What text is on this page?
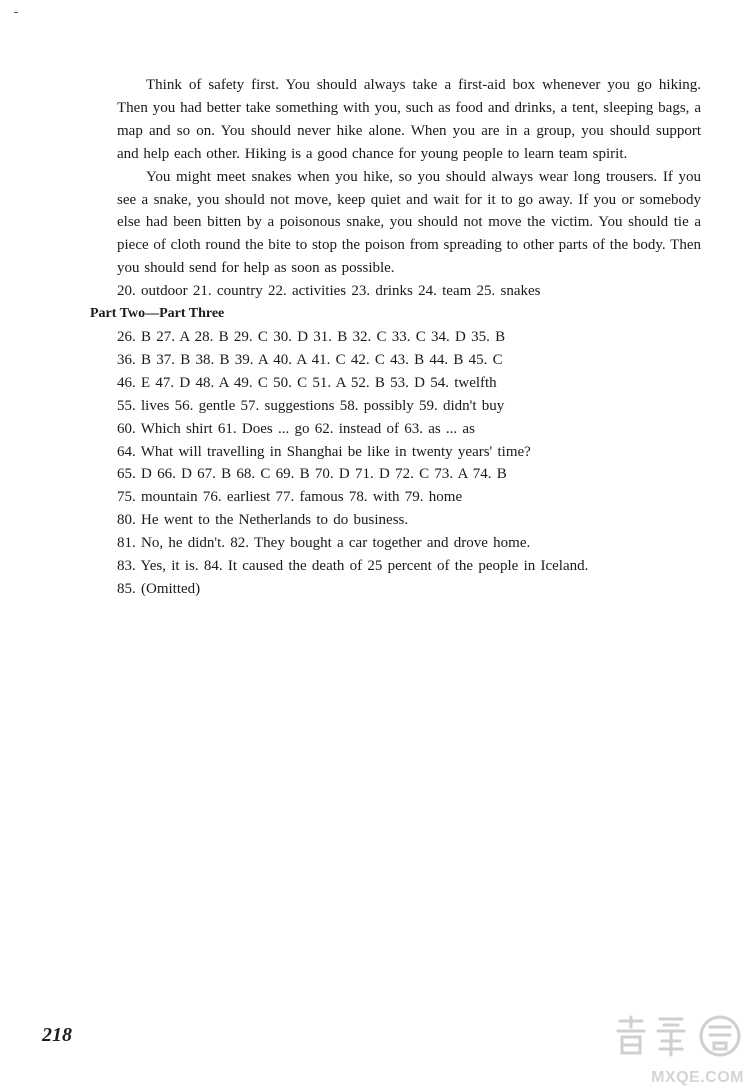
Think of safety first. You should always take a first-aid box whenever you go hiking. Then you had better take something with you, such as food and drinks, a tent, sleeping bags, a map and so on. You should never hike alone. When you are in a group, you should support and help each other. Hiking is a good chance for young people to learn team spirit.

You might meet snakes when you hike, so you should always wear long trousers. If you see a snake, you should not move, keep quiet and wait for it to go away. If you or somebody else had been bitten by a poisonous snake, you should not move the victim. You should tie a piece of cloth round the bite to stop the poison from spreading to other parts of the body. Then you should send for help as soon as possible.

20. outdoor 21. country 22. activities 23. drinks 24. team 25. snakes

Part Two—Part Three

26. B 27. A 28. B 29. C 30. D 31. B 32. C 33. C 34. D 35. B

36. B 37. B 38. B 39. A 40. A 41. C 42. C 43. B 44. B 45. C

46. E 47. D 48. A 49. C 50. C 51. A 52. B 53. D 54. twelfth

55. lives 56. gentle 57. suggestions 58. possibly 59. didn't buy

60. Which shirt 61. Does ... go 62. instead of 63. as ... as

64. What will travelling in Shanghai be like in twenty years' time?

65. D 66. D 67. B 68. C 69. B 70. D 71. D 72. C 73. A 74. B

75. mountain 76. earliest 77. famous 78. with 79. home

80. He went to the Netherlands to do business.

81. No, he didn't. 82. They bought a car together and drove home.

83. Yes, it is. 84. It caused the death of 25 percent of the people in Iceland.

85. (Omitted)

218
MXQE.COM
